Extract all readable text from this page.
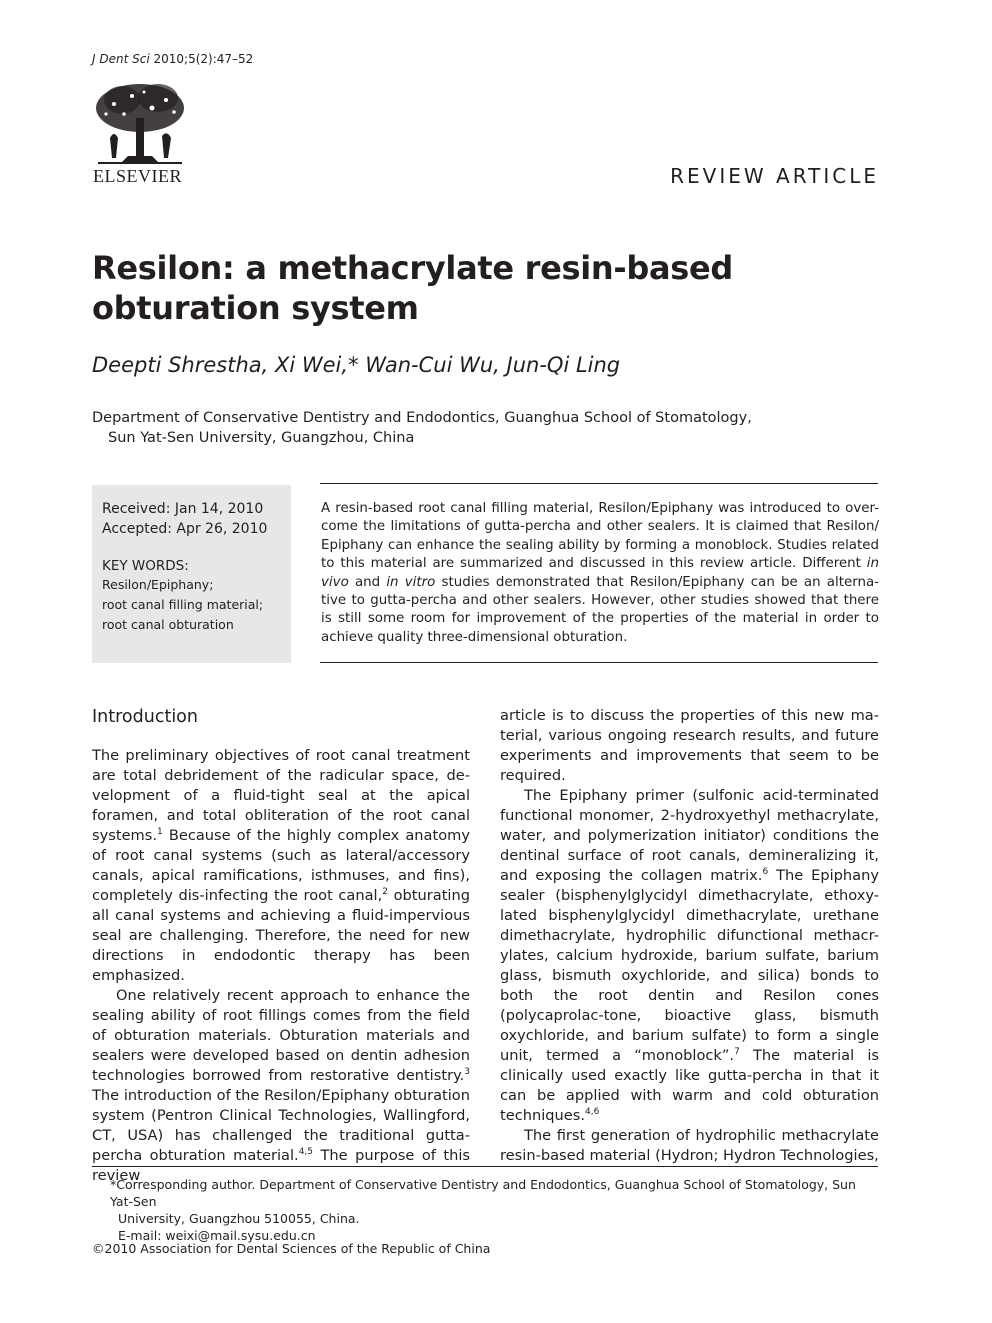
J Dent Sci 2010;5(2):47–52
ELSEVIER	REVIEW ARTICLE
Resilon: a methacrylate resin-based obturation system
Deepti Shrestha, Xi Wei,* Wan-Cui Wu, Jun-Qi Ling
Department of Conservative Dentistry and Endodontics, Guanghua School of Stomatology,
Sun Yat-Sen University, Guangzhou, China
Received: Jan 14, 2010
Accepted: Apr 26, 2010
KEY WORDS:
Resilon/Epiphany;
root canal filling material;
root canal obturation
A resin-based root canal filling material, Resilon/Epiphany was introduced to over-come the limitations of gutta-percha and other sealers. It is claimed that Resilon/ Epiphany can enhance the sealing ability by forming a monoblock. Studies related to this material are summarized and discussed in this review article. Different in vivo and in vitro studies demonstrated that Resilon/Epiphany can be an alterna-tive to gutta-percha and other sealers. However, other studies showed that there is still some room for improvement of the properties of the material in order to achieve quality three-dimensional obturation.
Introduction

The preliminary objectives of root canal treatment are total debridement of the radicular space, de-velopment of a fluid-tight seal at the apical foramen, and total obliteration of the root canal systems.$^1$ Because of the highly complex anatomy of root canal systems (such as lateral/accessory canals, apical ramifications, isthmuses, and fins), completely dis-infecting the root canal,$^2$ obturating all canal systems and achieving a fluid-impervious seal are challenging. Therefore, the need for new directions in endodontic therapy has been emphasized.

One relatively recent approach to enhance the sealing ability of root fillings comes from the field of obturation materials. Obturation materials and sealers were developed based on dentin adhesion technologies borrowed from restorative dentistry.$^3$ The introduction of the Resilon/Epiphany obturation system (Pentron Clinical Technologies, Wallingford, CT, USA) has challenged the traditional gutta-percha obturation material.$^{4,5}$ The purpose of this review

article is to discuss the properties of this new ma-terial, various ongoing research results, and future experiments and improvements that seem to be required.

The Epiphany primer (sulfonic acid-terminated functional monomer, 2-hydroxyethyl methacrylate, water, and polymerization initiator) conditions the dentinal surface of root canals, demineralizing it, and exposing the collagen matrix.$^6$ The Epiphany sealer (bisphenylglycidyl dimethacrylate, ethoxy-lated bisphenylglycidyl dimethacrylate, urethane dimethacrylate, hydrophilic difunctional methacr-ylates, calcium hydroxide, barium sulfate, barium glass, bismuth oxychloride, and silica) bonds to both the root dentin and Resilon cones (polycaprolac-tone, bioactive glass, bismuth oxychloride, and barium sulfate) to form a single unit, termed a “monoblock”.$^7$ The material is clinically used exactly like gutta-percha in that it can be applied with warm and cold obturation techniques.$^{4,6}$

The first generation of hydrophilic methacrylate resin-based material (Hydron; Hydron Technologies,

*Corresponding author. Department of Conservative Dentistry and Endodontics, Guanghua School of Stomatology, Sun Yat-Sen
University, Guangzhou 510055, China.
E-mail: weixi@mail.sysu.edu.cn
©2010 Association for Dental Sciences of the Republic of China
